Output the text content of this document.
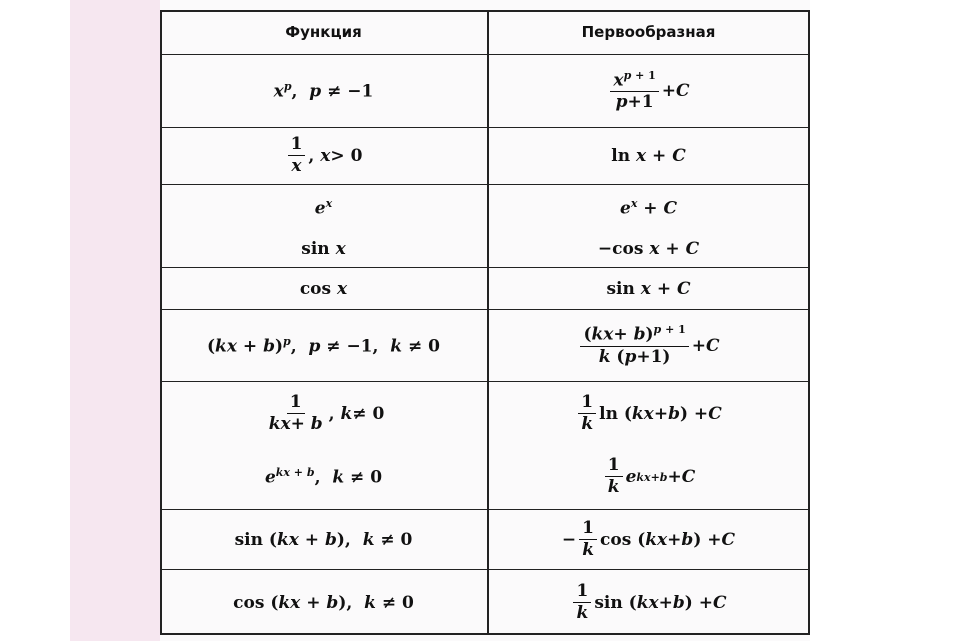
Функция	Первообразная
$x^p$,  p ≠ −1	$\frac{x^p ^{+ 1}}{p+1} + C$
$\frac{1}{x}$ , x > 0	ln x + C
$e^x$	$e^x + C$
sin x	−cos x + C
cos x	sin x + C
(kx + b)$^p$,  p ≠ −1,  k ≠ 0	$\frac{(kx+ b)^p ^{+ 1}}{k (p+1)} + C$
$\frac{1}{kx+ b}$ , k ≠ 0	$\frac{1}{k}$ ln ( kx + b ) + C
$e^{kx}$ + $^b$,  k ≠ 0	$\frac{1}{k}$ e kx + b + C
sin (kx + b),  k ≠ 0	− $\frac{1}{k}$ cos ( kx + b ) + C
cos (kx + b),  k ≠ 0	$\frac{1}{k}$ sin ( kx + b ) + C
